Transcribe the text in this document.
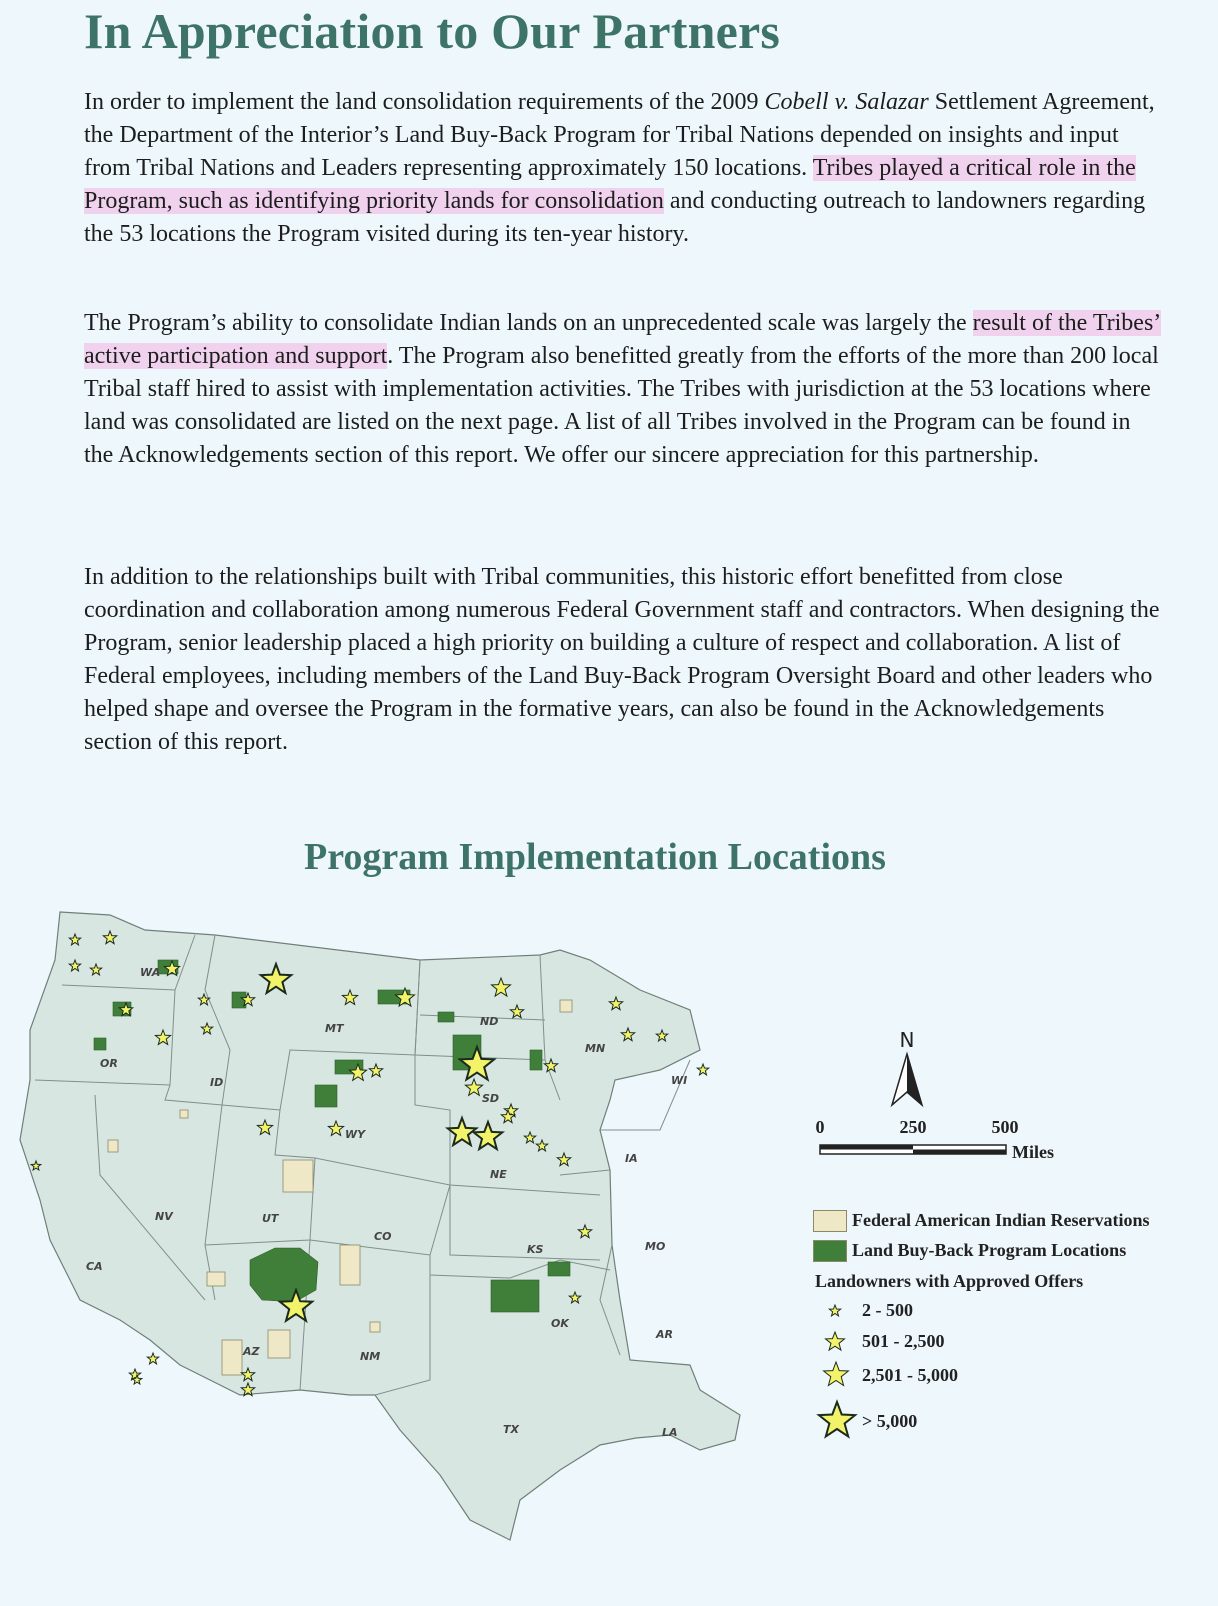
In Appreciation to Our Partners

In order to implement the land consolidation requirements of the 2009 Cobell v. Salazar Settlement Agreement, the Department of the Interior’s Land Buy-Back Program for Tribal Nations depended on insights and input from Tribal Nations and Leaders representing approximately 150 locations. Tribes played a critical role in the Program, such as identifying priority lands for consolidation and conducting outreach to landowners regarding the 53 locations the Program visited during its ten-year history.

The Program’s ability to consolidate Indian lands on an unprecedented scale was largely the result of the Tribes’ active participation and support. The Program also benefitted greatly from the efforts of the more than 200 local Tribal staff hired to assist with implementation activities. The Tribes with jurisdiction at the 53 locations where land was consolidated are listed on the next page. A list of all Tribes involved in the Program can be found in the Acknowledgements section of this report. We offer our sincere appreciation for this partnership.

In addition to the relationships built with Tribal communities, this historic effort benefitted from close coordination and collaboration among numerous Federal Government staff and contractors. When designing the Program, senior leadership placed a high priority on building a culture of respect and collaboration. A list of Federal employees, including members of the Land Buy-Back Program Oversight Board and other leaders who helped shape and oversee the Program in the formative years, can also be found in the Acknowledgements section of this report.

Program Implementation Locations
WA
OR
CA
ID
NV
MT
WY
UT
AZ
CO
NM
ND
SD
NE
KS
OK
TX
MN
IA
MO
AR
LA
WI
N
0	250	500
Miles
Federal American Indian Reservations
Land Buy-Back Program Locations
Landowners with Approved Offers
2 - 500
501 - 2,500
2,501 - 5,000
> 5,000
